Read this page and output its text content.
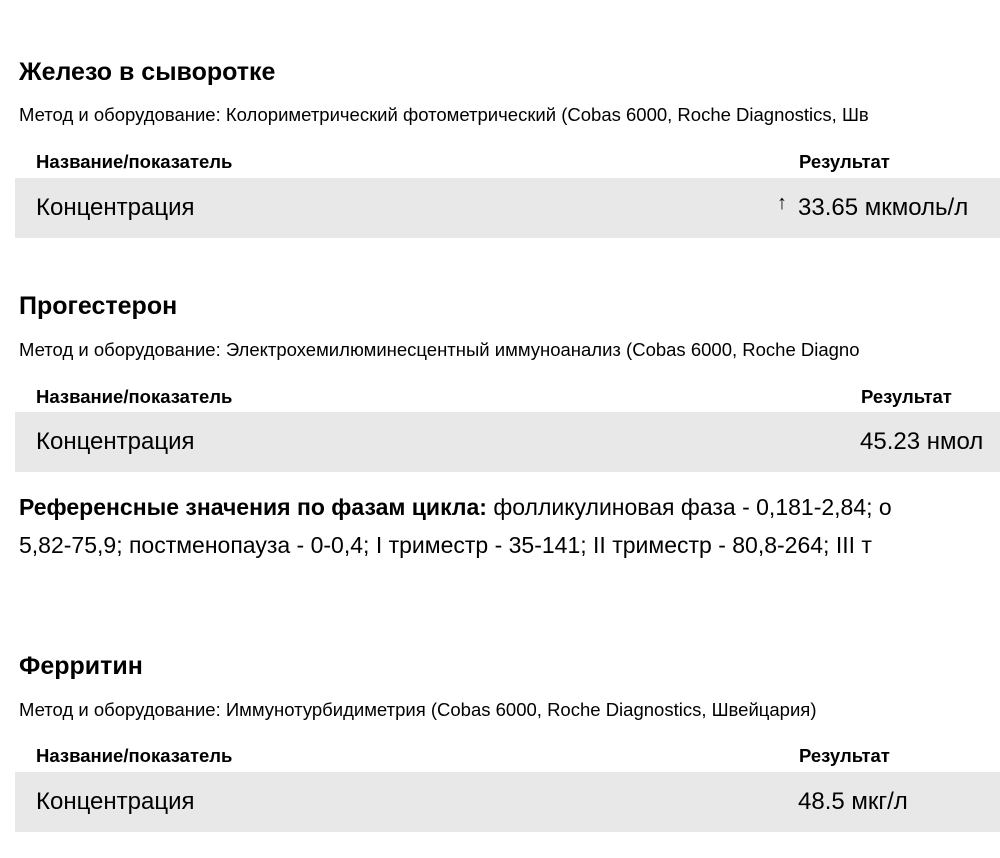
Железо в сыворотке
Метод и оборудование: Колориметрический фотометрический (Cobas 6000, Roche Diagnostics, Шв
Название/показатель	Результат
Концентрация	↑ 33.65 мкмоль/л
Прогестерон
Метод и оборудование: Электрохемилюминесцентный иммуноанализ (Cobas 6000, Roche Diagno
Название/показатель	Результат
Концентрация	45.23 нмол
Референсные значения по фазам цикла: фолликулиновая фаза - 0,181-2,84; о
5,82-75,9; постменопауза - 0-0,4; I триместр - 35-141; II триместр - 80,8-264; III т
Ферритин
Метод и оборудование: Иммунотурбидиметрия (Cobas 6000, Roche Diagnostics, Швейцария)
Название/показатель	Результат
Концентрация	48.5 мкг/л
